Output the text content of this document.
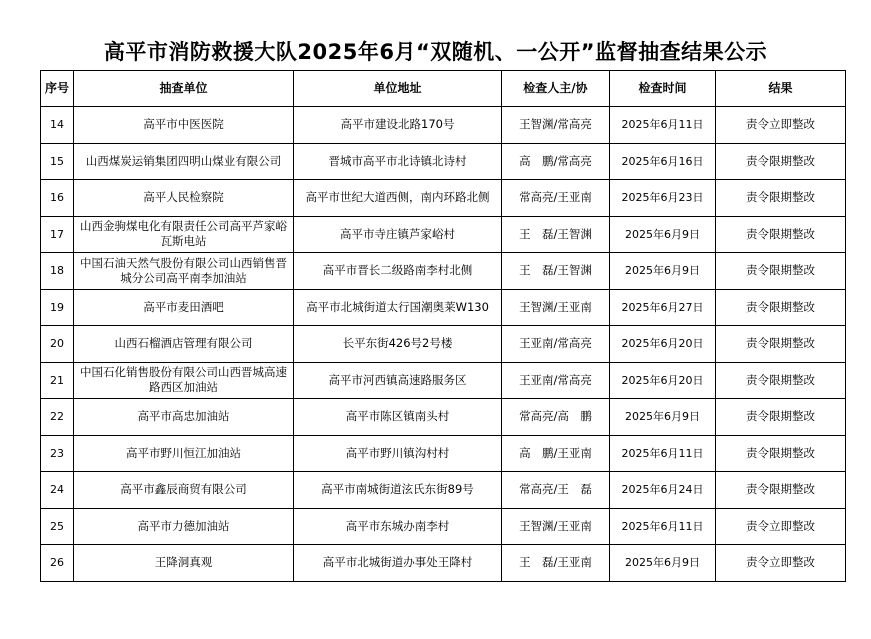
高平市消防救援大队2025年6月“双随机、一公开”监督抽查结果公示
序号	抽查单位	单位地址	检查人主/协	检查时间	结果
14	高平市中医医院	高平市建设北路170号	王智渊/常高亮	2025年6月11日	责令立即整改
15	山西煤炭运销集团四明山煤业有限公司	晋城市高平市北诗镇北诗村	高　鹏/常高亮	2025年6月16日	责令限期整改
16	高平人民检察院	高平市世纪大道西侧，南内环路北侧	常高亮/王亚南	2025年6月23日	责令限期整改
17	山西金驹煤电化有限责任公司高平芦家峪瓦斯电站	高平市寺庄镇芦家峪村	王　磊/王智渊	2025年6月9日	责令限期整改
18	中国石油天然气股份有限公司山西销售晋城分公司高平南李加油站	高平市晋长二级路南李村北侧	王　磊/王智渊	2025年6月9日	责令限期整改
19	高平市麦田酒吧	高平市北城街道太行国潮奥莱W130	王智渊/王亚南	2025年6月27日	责令限期整改
20	山西石榴酒店管理有限公司	长平东街426号2号楼	王亚南/常高亮	2025年6月20日	责令限期整改
21	中国石化销售股份有限公司山西晋城高速路西区加油站	高平市河西镇高速路服务区	王亚南/常高亮	2025年6月20日	责令限期整改
22	高平市高忠加油站	高平市陈区镇南头村	常高亮/高　鹏	2025年6月9日	责令限期整改
23	高平市野川恒江加油站	高平市野川镇沟村村	高　鹏/王亚南	2025年6月11日	责令限期整改
24	高平市鑫辰商贸有限公司	高平市南城街道泫氏东街89号	常高亮/王　磊	2025年6月24日	责令限期整改
25	高平市力德加油站	高平市东城办南李村	王智渊/王亚南	2025年6月11日	责令立即整改
26	王降洞真观	高平市北城街道办事处王降村	王　磊/王亚南	2025年6月9日	责令立即整改
